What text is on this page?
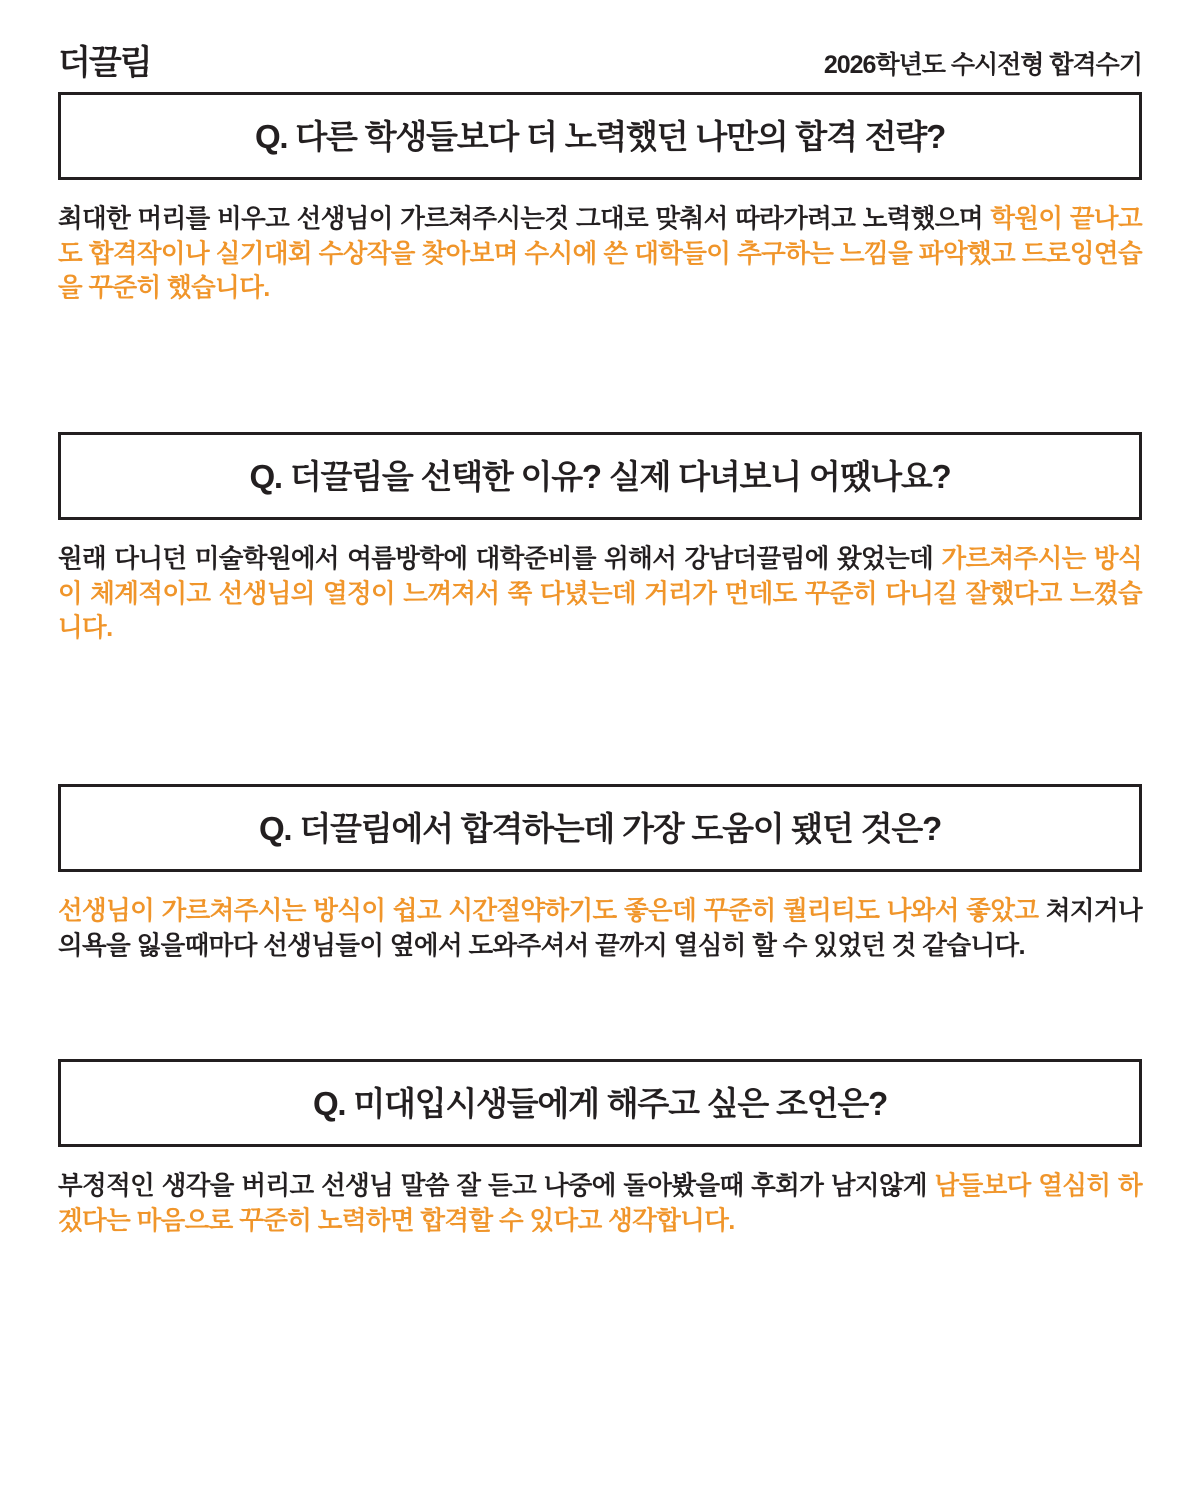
더끌림	2026학년도 수시전형 합격수기
Q. 다른 학생들보다 더 노력했던 나만의 합격 전략?
최대한 머리를 비우고 선생님이 가르쳐주시는것 그대로 맞춰서 따라가려고 노력했으며 학원이 끝나고도 합격작이나 실기대회 수상작을 찾아보며 수시에 쓴 대학들이 추구하는 느낌을 파악했고 드로잉연습을 꾸준히 했습니다.
Q. 더끌림을 선택한 이유? 실제 다녀보니 어땠나요?
원래 다니던 미술학원에서 여름방학에 대학준비를 위해서 강남더끌림에 왔었는데 가르쳐주시는 방식이 체계적이고 선생님의 열정이 느껴져서 쭉 다녔는데 거리가 먼데도 꾸준히 다니길 잘했다고 느꼈습니다.
Q. 더끌림에서 합격하는데 가장 도움이 됐던 것은?
선생님이 가르쳐주시는 방식이 쉽고 시간절약하기도 좋은데 꾸준히 퀄리티도 나와서 좋았고 쳐지거나 의욕을 잃을때마다 선생님들이 옆에서 도와주셔서 끝까지 열심히 할 수 있었던 것 같습니다.
Q. 미대입시생들에게 해주고 싶은 조언은?
부정적인 생각을 버리고 선생님 말씀 잘 듣고 나중에 돌아봤을때 후회가 남지않게 남들보다 열심히 하겠다는 마음으로 꾸준히 노력하면 합격할 수 있다고 생각합니다.
